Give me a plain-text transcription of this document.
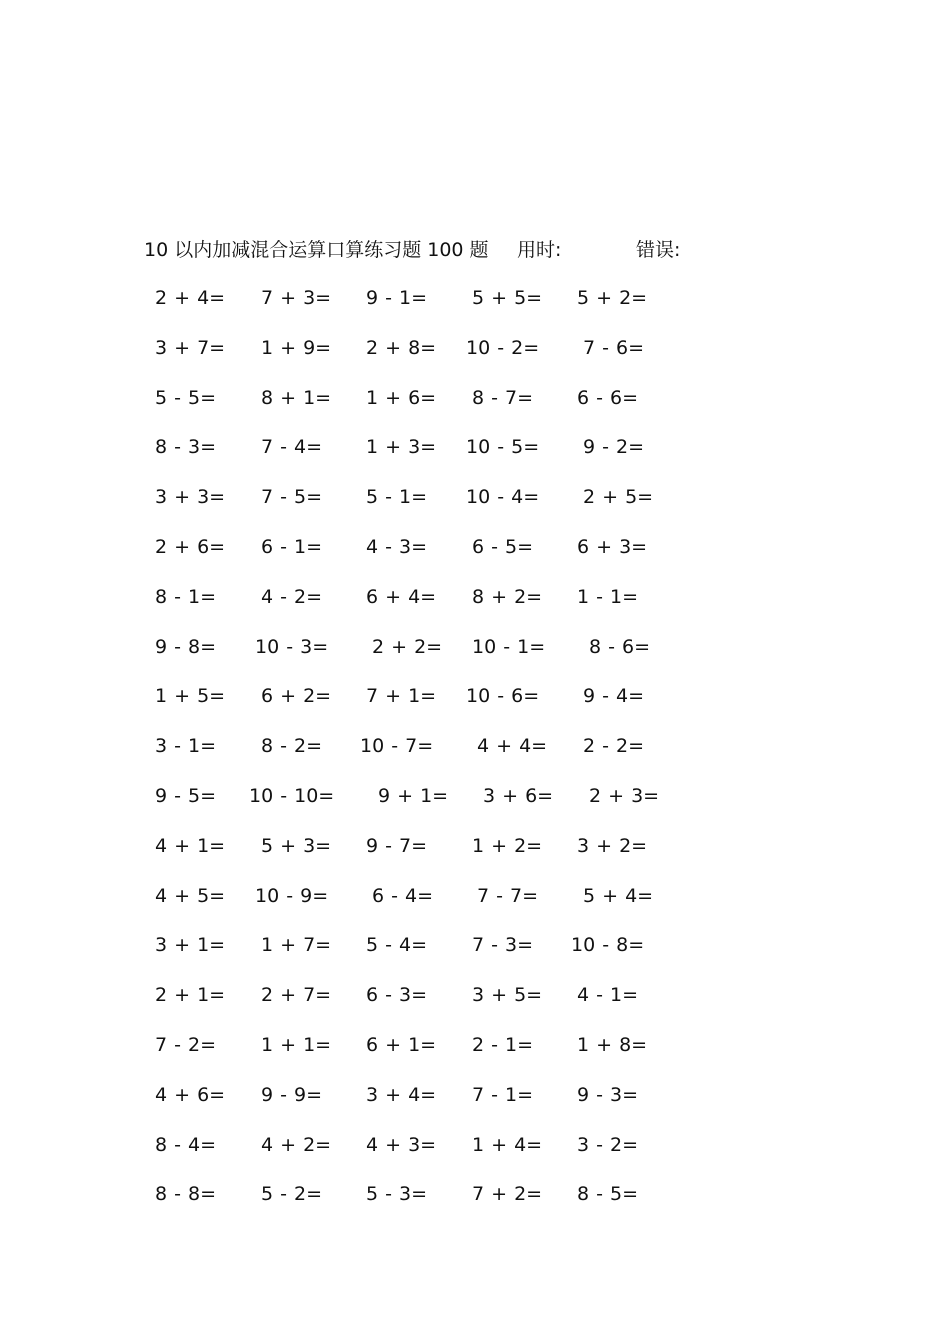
10 以内加减混合运算口算练习题 100 题 用时:	错误:
2 + 4= 7 + 3= 9 - 1= 5 + 5= 5 + 2=
3 + 7= 1 + 9= 2 + 8= 10 - 2= 7 - 6=
5 - 5= 8 + 1= 1 + 6= 8 - 7= 6 - 6=
8 - 3= 7 - 4= 1 + 3= 10 - 5= 9 - 2=
3 + 3= 7 - 5= 5 - 1= 10 - 4= 2 + 5=
2 + 6= 6 - 1= 4 - 3= 6 - 5= 6 + 3=
8 - 1= 4 - 2= 6 + 4= 8 + 2= 1 - 1=
9 - 8= 10 - 3= 2 + 2= 10 - 1= 8 - 6=
1 + 5= 6 + 2= 7 + 1= 10 - 6= 9 - 4=
3 - 1= 8 - 2= 10 - 7= 4 + 4= 2 - 2=
9 - 5= 10 - 10= 9 + 1= 3 + 6= 2 + 3=
4 + 1= 5 + 3= 9 - 7= 1 + 2= 3 + 2=
4 + 5= 10 - 9= 6 - 4= 7 - 7= 5 + 4=
3 + 1= 1 + 7= 5 - 4= 7 - 3= 10 - 8=
2 + 1= 2 + 7= 6 - 3= 3 + 5= 4 - 1=
7 - 2= 1 + 1= 6 + 1= 2 - 1= 1 + 8=
4 + 6= 9 - 9= 3 + 4= 7 - 1= 9 - 3=
8 - 4= 4 + 2= 4 + 3= 1 + 4= 3 - 2=
8 - 8= 5 - 2= 5 - 3= 7 + 2= 8 - 5=
